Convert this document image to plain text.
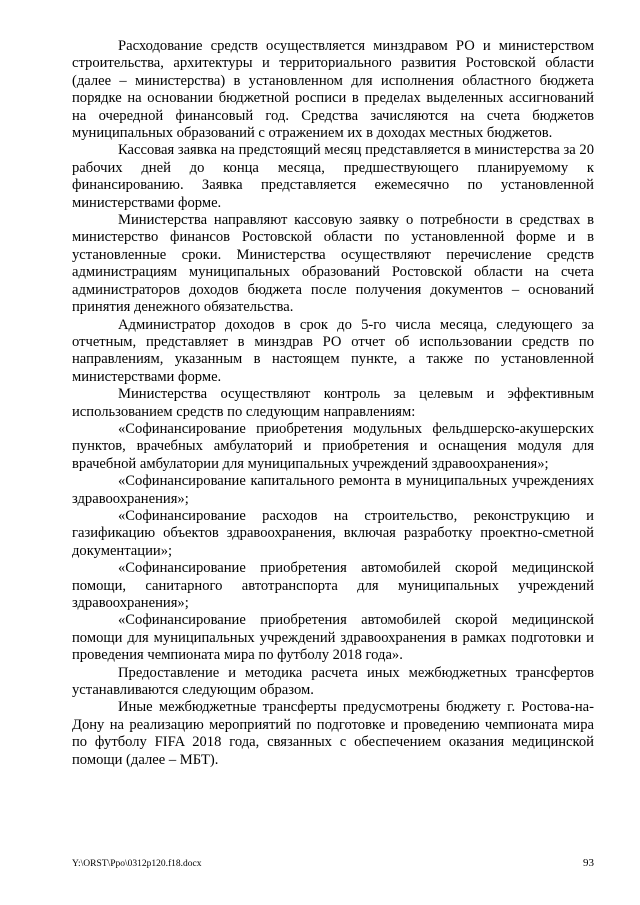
Расходование средств осуществляется минздравом РО и министерством строительства, архитектуры и территориального развития Ростовской области (далее – министерства) в установленном для исполнения областного бюджета порядке на основании бюджетной росписи в пределах выделенных ассигнований на очередной финансовый год. Средства зачисляются на счета бюджетов муниципальных образований с отражением их в доходах местных бюджетов.

Кассовая заявка на предстоящий месяц представляется в министерства за 20 рабочих дней до конца месяца, предшествующего планируемому к финансированию. Заявка представляется ежемесячно по установленной министерствами форме.

Министерства направляют кассовую заявку о потребности в средствах в министерство финансов Ростовской области по установленной форме и в установленные сроки. Министерства осуществляют перечисление средств администрациям муниципальных образований Ростовской области на счета администраторов доходов бюджета после получения документов – оснований принятия денежного обязательства.

Администратор доходов в срок до 5-го числа месяца, следующего за отчетным, представляет в минздрав РО отчет об использовании средств по направлениям, указанным в настоящем пункте, а также по установленной министерствами форме.

Министерства осуществляют контроль за целевым и эффективным использованием средств по следующим направлениям:

«Софинансирование приобретения модульных фельдшерско-акушерских пунктов, врачебных амбулаторий и приобретения и оснащения модуля для врачебной амбулатории для муниципальных учреждений здравоохранения»;

«Софинансирование капитального ремонта в муниципальных учреждениях здравоохранения»;

«Софинансирование расходов на строительство, реконструкцию и газификацию объектов здравоохранения, включая разработку проектно-сметной документации»;

«Софинансирование приобретения автомобилей скорой медицинской помощи, санитарного автотранспорта для муниципальных учреждений здравоохранения»;

«Софинансирование приобретения автомобилей скорой медицинской помощи для муниципальных учреждений здравоохранения в рамках подготовки и проведения чемпионата мира по футболу 2018 года».

Предоставление и методика расчета иных межбюджетных трансфертов устанавливаются следующим образом.

Иные межбюджетные трансферты предусмотрены бюджету г. Ростова-на-Дону на реализацию мероприятий по подготовке и проведению чемпионата мира по футболу FIFA 2018 года, связанных с обеспечением оказания медицинской помощи (далее – МБТ).

Y:\ORST\Ppo\0312p120.f18.docx	93
